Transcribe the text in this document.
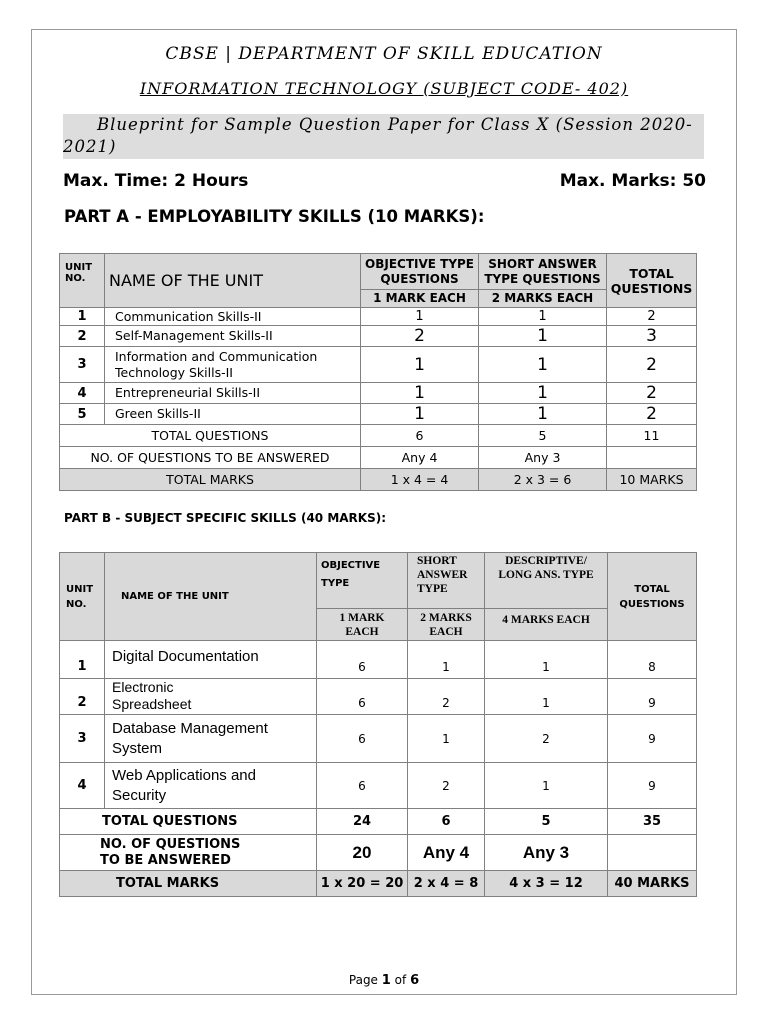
CBSE | DEPARTMENT OF SKILL EDUCATION
INFORMATION TECHNOLOGY (SUBJECT CODE- 402)
Blueprint for Sample Question Paper for Class X (Session 2020-
2021)
Max. Time: 2 Hours	Max. Marks: 50
PART A - EMPLOYABILITY SKILLS (10 MARKS):
UNIT
NO.	NAME OF THE UNIT	OBJECTIVE TYPE QUESTIONS	SHORT ANSWER TYPE QUESTIONS	TOTAL QUESTIONS
		1 MARK EACH	2 MARKS EACH	
1	Communication Skills-II	1	1	2
2	Self-Management Skills-II	2	1	3
3	Information and Communication Technology Skills-II	1	1	2
4	Entrepreneurial Skills-II	1	1	2
5	Green Skills-II	1	1	2
TOTAL QUESTIONS		6	5	11
NO. OF QUESTIONS TO BE ANSWERED		Any 4	Any 3	
TOTAL MARKS		1 x 4 = 4	2 x 3 = 6	10 MARKS
PART B - SUBJECT SPECIFIC SKILLS (40 MARKS):
UNIT
NO.	NAME OF THE UNIT	OBJECTIVE
TYPE	SHORT
ANSWER
TYPE	DESCRIPTIVE/
LONG ANS. TYPE	TOTAL
QUESTIONS
		1 MARK
EACH	2 MARKS
EACH	4 MARKS EACH	
1	Digital Documentation	6	1	1	8
2	Electronic Spreadsheet	6	2	1	9
3	Database Management System	6	1	2	9
4	Web Applications and Security	6	2	1	9
TOTAL QUESTIONS		24	6	5	35
NO. OF QUESTIONS
TO BE ANSWERED		20	Any 4	Any 3	
TOTAL MARKS		1 x 20 = 20	2 x 4 = 8	4 x 3 = 12	40 MARKS
Page 1 of 6
